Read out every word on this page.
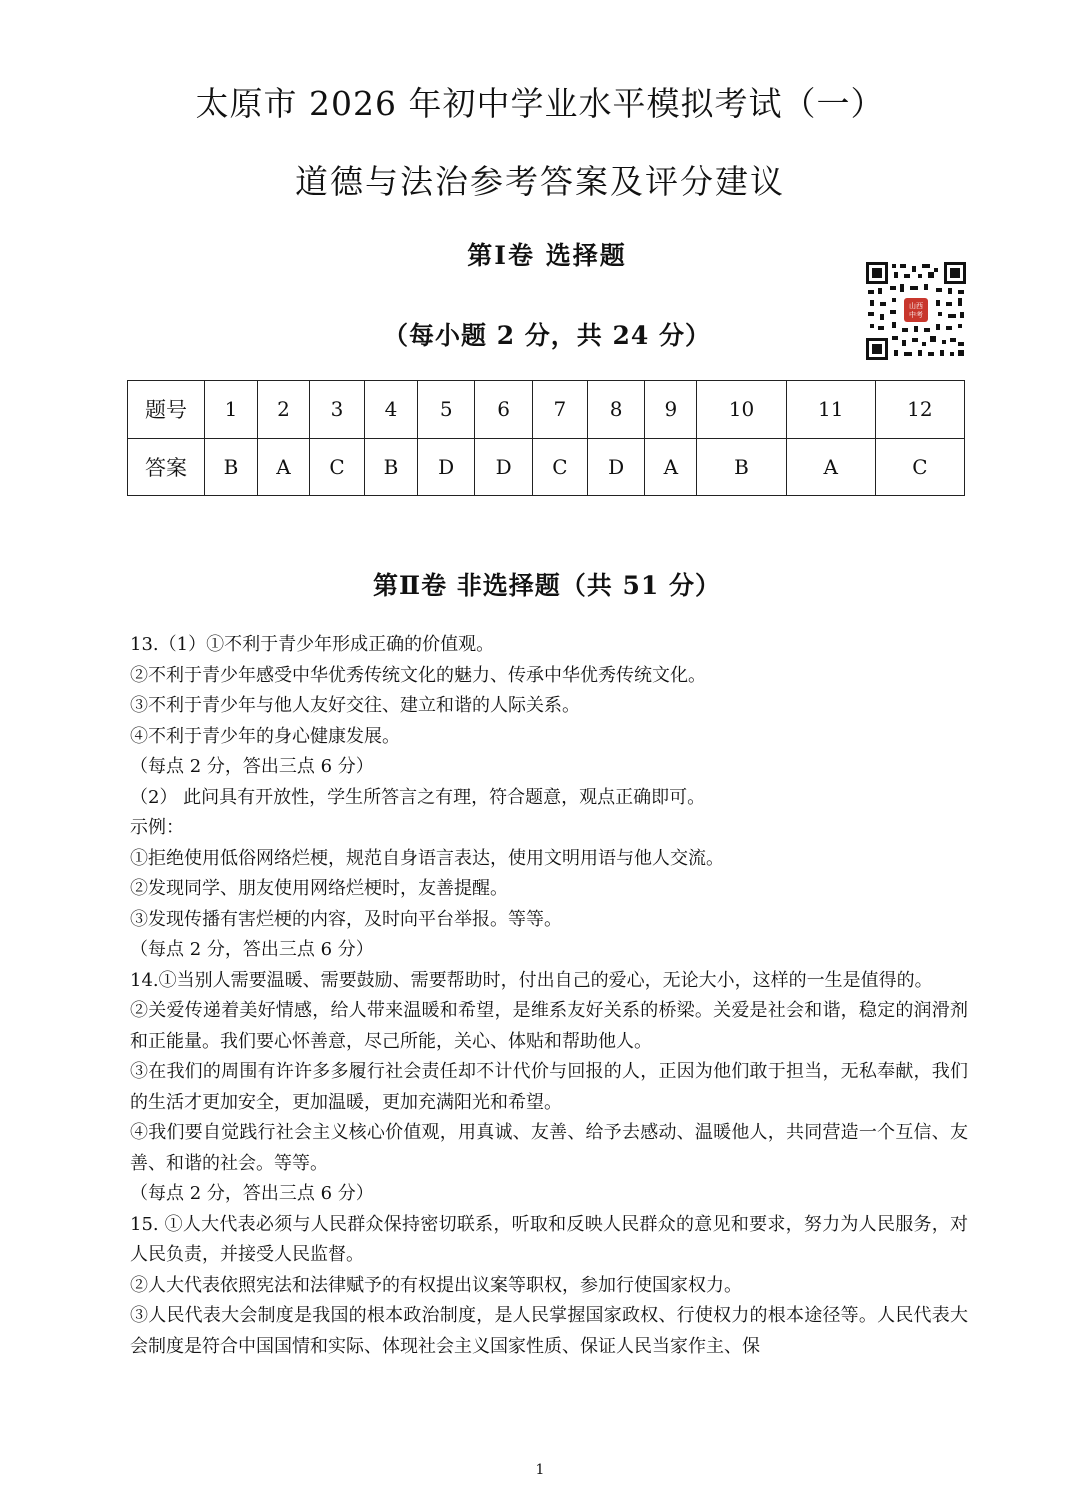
太原市 2026 年初中学业水平模拟考试（一）
道德与法治参考答案及评分建议
第Ⅰ卷 选择题
（每小题 2 分，共 24 分）
山西
中考
题号	1	2	3	4	5	6	7	8	9	10	11	12
答案	B	A	C	B	D	D	C	D	A	B	A	C
第Ⅱ卷 非选择题（共 51 分）

13.（1）①不利于青少年形成正确的价值观。

②不利于青少年感受中华优秀传统文化的魅力、传承中华优秀传统文化。

③不利于青少年与他人友好交往、建立和谐的人际关系。

④不利于青少年的身心健康发展。

（每点 2 分，答出三点 6 分）

（2） 此问具有开放性，学生所答言之有理，符合题意，观点正确即可。

示例：

①拒绝使用低俗网络烂梗，规范自身语言表达，使用文明用语与他人交流。

②发现同学、朋友使用网络烂梗时，友善提醒。

③发现传播有害烂梗的内容，及时向平台举报。等等。

（每点 2 分，答出三点 6 分）

14.①当别人需要温暖、需要鼓励、需要帮助时，付出自己的爱心，无论大小，这样的一生是值得的。

②关爱传递着美好情感，给人带来温暖和希望，是维系友好关系的桥梁。关爱是社会和谐，稳定的润滑剂和正能量。我们要心怀善意，尽己所能，关心、体贴和帮助他人。

③在我们的周围有许许多多履行社会责任却不计代价与回报的人，正因为他们敢于担当，无私奉献，我们的生活才更加安全，更加温暖，更加充满阳光和希望。

④我们要自觉践行社会主义核心价值观，用真诚、友善、给予去感动、温暖他人，共同营造一个互信、友善、和谐的社会。等等。

（每点 2 分，答出三点 6 分）

15. ①人大代表必须与人民群众保持密切联系，听取和反映人民群众的意见和要求，努力为人民服务，对人民负责，并接受人民监督。

②人大代表依照宪法和法律赋予的有权提出议案等职权，参加行使国家权力。

③人民代表大会制度是我国的根本政治制度，是人民掌握国家政权、行使权力的根本途径等。人民代表大会制度是符合中国国情和实际、体现社会主义国家性质、保证人民当家作主、保

1
